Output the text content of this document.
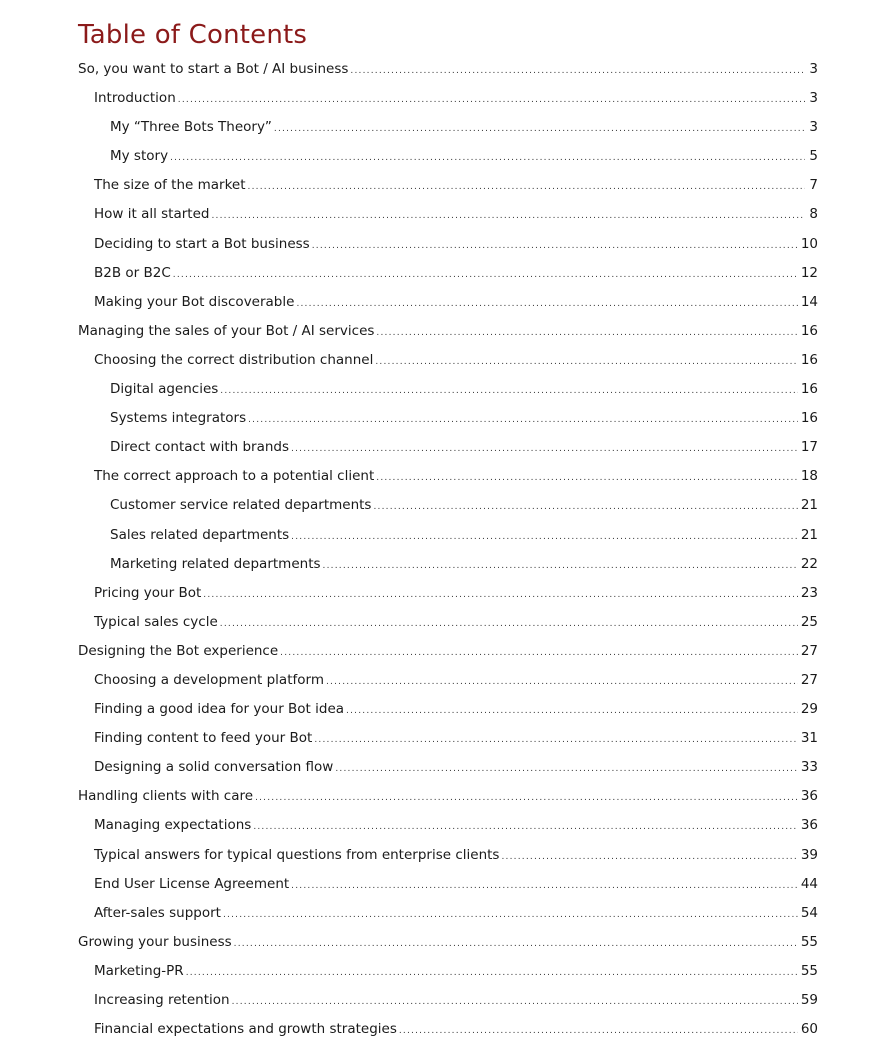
Table of Contents
So, you want to start a Bot / AI business .....	3
Introduction .....	3
My “Three Bots Theory” .....	3
My story .....	5
The size of the market .....	7
How it all started .....	8
Deciding to start a Bot business .....	10
B2B or B2C .....	12
Making your Bot discoverable .....	14
Managing the sales of your Bot / AI services .....	16
Choosing the correct distribution channel .....	16
Digital agencies .....	16
Systems integrators .....	16
Direct contact with brands .....	17
The correct approach to a potential client .....	18
Customer service related departments .....	21
Sales related departments .....	21
Marketing related departments .....	22
Pricing your Bot .....	23
Typical sales cycle .....	25
Designing the Bot experience .....	27
Choosing a development platform .....	27
Finding a good idea for your Bot idea .....	29
Finding content to feed your Bot .....	31
Designing a solid conversation flow .....	33
Handling clients with care .....	36
Managing expectations .....	36
Typical answers for typical questions from enterprise clients .....	39
End User License Agreement .....	44
After-sales support .....	54
Growing your business .....	55
Marketing-PR .....	55
Increasing retention .....	59
Financial expectations and growth strategies .....	60
